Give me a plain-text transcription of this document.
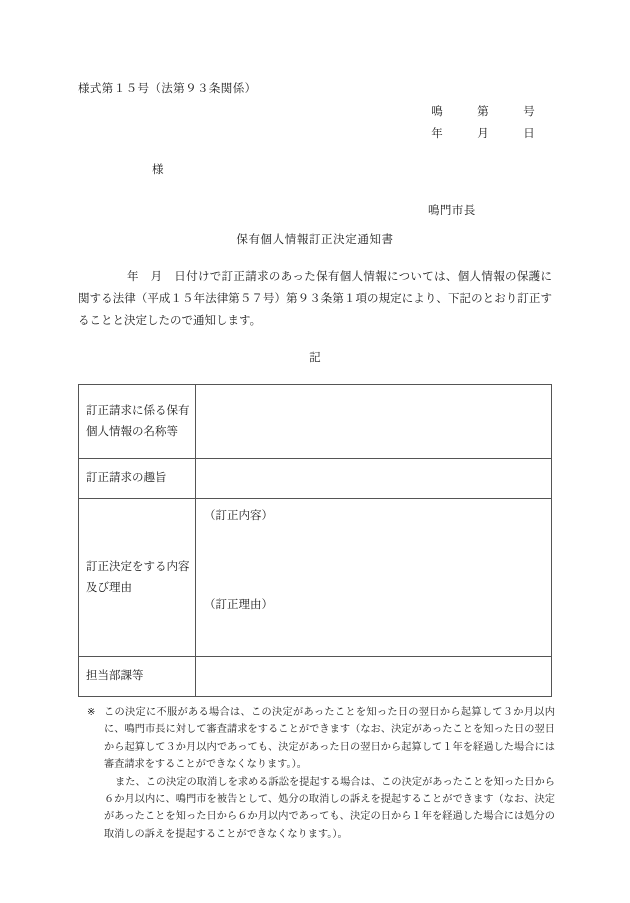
様式第１５号（法第９３条関係）
鳴	第	号
年	月	日
様
鳴門市長
保有個人情報訂正決定通知書
年　月　日付けで訂正請求のあった保有個人情報については、個人情報の保護に関する法律（平成１５年法律第５７号）第９３条第１項の規定により、下記のとおり訂正することと決定したので通知します。
記
訂正請求に係る保有個人情報の名称等	
訂正請求の趣旨	
訂正決定をする内容及び理由	（訂正内容）
（訂正理由）

担当部課等	
※ この決定に不服がある場合は、この決定があったことを知った日の翌日から起算して３か月以内に、鳴門市長に対して審査請求をすることができます（なお、決定があったことを知った日の翌日から起算して３か月以内であっても、決定があった日の翌日から起算して１年を経過した場合には審査請求をすることができなくなります。）。
また、この決定の取消しを求める訴訟を提起する場合は、この決定があったことを知った日から６か月以内に、鳴門市を被告として、処分の取消しの訴えを提起することができます（なお、決定があったことを知った日から６か月以内であっても、決定の日から１年を経過した場合には処分の取消しの訴えを提起することができなくなります。）。
